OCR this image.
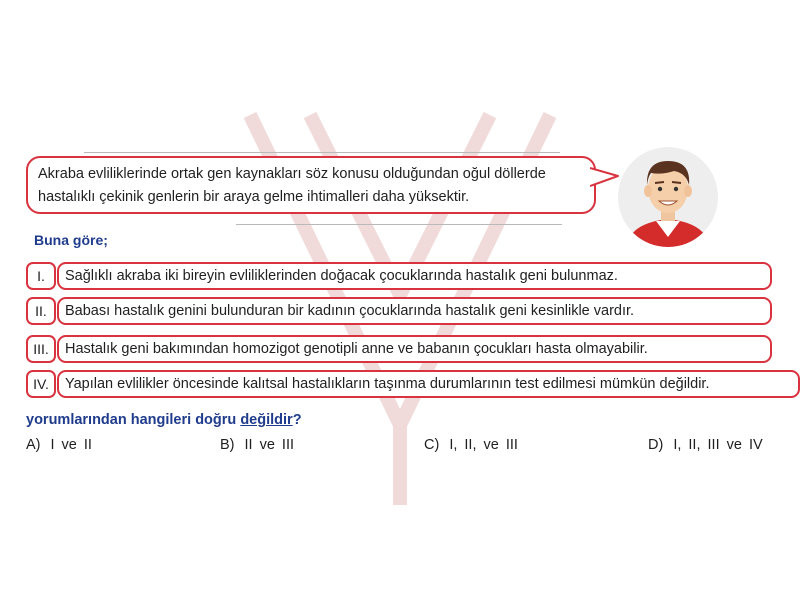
Akraba evliliklerinde ortak gen kaynakları söz konusu olduğundan oğul döllerde
hastalıklı çekinik genlerin bir araya gelme ihtimalleri daha yüksektir.
Buna göre;
I.	Sağlıklı akraba iki bireyin evliliklerinden doğacak çocuklarında hastalık geni bulunmaz.
II.	Babası hastalık genini bulunduran bir kadının çocuklarında hastalık geni kesinlikle vardır.
III.	Hastalık geni bakımından homozigot genotipli anne ve babanın çocukları hasta olmayabilir.
IV.	Yapılan evlilikler öncesinde kalıtsal hastalıkların taşınma durumlarının test edilmesi mümkün değildir.
yorumlarından hangileri doğru değildir?
A) I ve II	B) II ve III	C) I, II, ve III	D) I, II, III ve IV
